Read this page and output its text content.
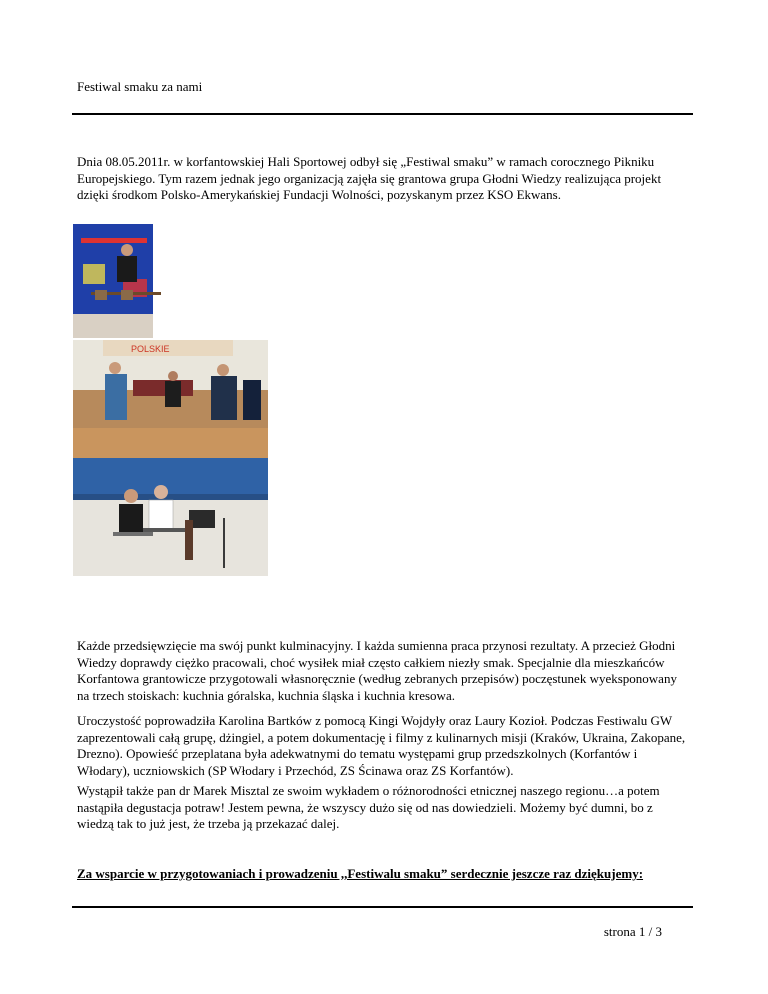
Festiwal smaku za nami
Dnia 08.05.2011r. w korfantowskiej Hali Sportowej odbył się „Festiwal smaku” w ramach corocznego Pikniku Europejskiego. Tym razem jednak jego organizacją zajęła się grantowa grupa Głodni Wiedzy realizująca projekt dzięki środkom Polsko-Amerykańskiej Fundacji Wolności, pozyskanym przez KSO Ekwans.
POLSKIE
Każde przedsięwzięcie ma swój punkt kulminacyjny. I każda sumienna praca przynosi rezultaty. A przecież Głodni Wiedzy doprawdy ciężko pracowali, choć wysiłek miał często całkiem niezły smak. Specjalnie dla mieszkańców Korfantowa grantowicze przygotowali własnoręcznie (według zebranych przepisów) poczęstunek wyeksponowany na trzech stoiskach: kuchnia góralska, kuchnia śląska i kuchnia kresowa.
Uroczystość poprowadziła Karolina Bartków z pomocą Kingi Wojdyły oraz Laury Kozioł. Podczas Festiwalu GW zaprezentowali całą grupę, dżingiel, a potem dokumentację i filmy z kulinarnych misji (Kraków, Ukraina, Zakopane, Drezno). Opowieść przeplatana była adekwatnymi do tematu występami grup przedszkolnych (Korfantów i Włodary), uczniowskich (SP Włodary i Przechód, ZS Ścinawa oraz ZS Korfantów).
Wystąpił także pan dr Marek Misztal ze swoim wykładem o różnorodności etnicznej naszego regionu…a potem nastąpiła degustacja potraw! Jestem pewna, że wszyscy dużo się od nas dowiedzieli. Możemy być dumni, bo z wiedzą tak to już jest, że trzeba ją przekazać dalej.
Za wsparcie w przygotowaniach i prowadzeniu ,,Festiwalu smaku” serdecznie jeszcze raz dziękujemy:
strona 1 / 3
